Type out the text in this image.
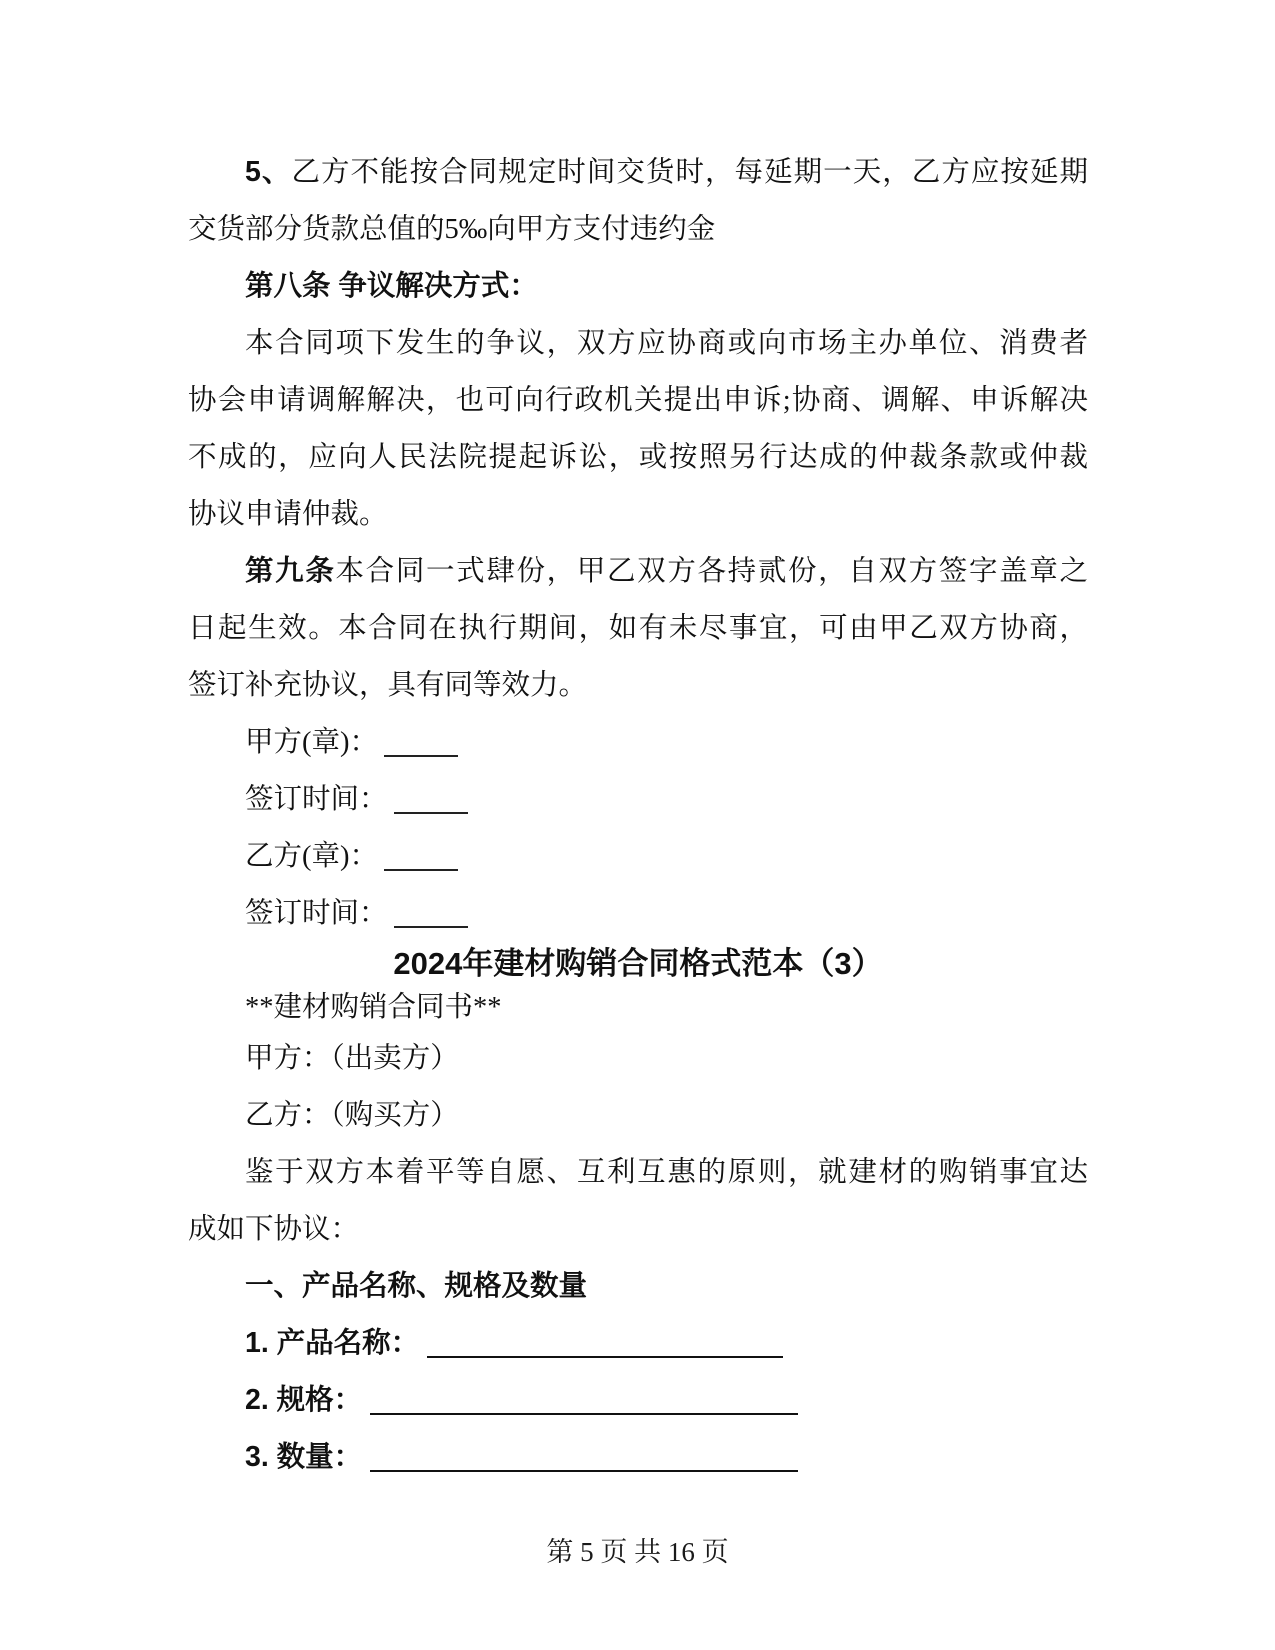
5、乙方不能按合同规定时间交货时，每延期一天，乙方应按延期
交货部分货款总值的5‰向甲方支付违约金
第八条 争议解决方式：
本合同项下发生的争议，双方应协商或向市场主办单位、消费者
协会申请调解解决，也可向行政机关提出申诉;协商、调解、申诉解决
不成的，应向人民法院提起诉讼，或按照另行达成的仲裁条款或仲裁
协议申请仲裁。
第九条本合同一式肆份，甲乙双方各持贰份，自双方签字盖章之
日起生效。本合同在执行期间，如有未尽事宜，可由甲乙双方协商，
签订补充协议，具有同等效力。
甲方(章)：
签订时间：
乙方(章)：
签订时间：
2024年建材购销合同格式范本（3）
**建材购销合同书**
甲方：（出卖方）
乙方：（购买方）
鉴于双方本着平等自愿、互利互惠的原则，就建材的购销事宜达
成如下协议：
一、产品名称、规格及数量
1. 产品名称：
2. 规格：
3. 数量：
第 5 页 共 16 页
